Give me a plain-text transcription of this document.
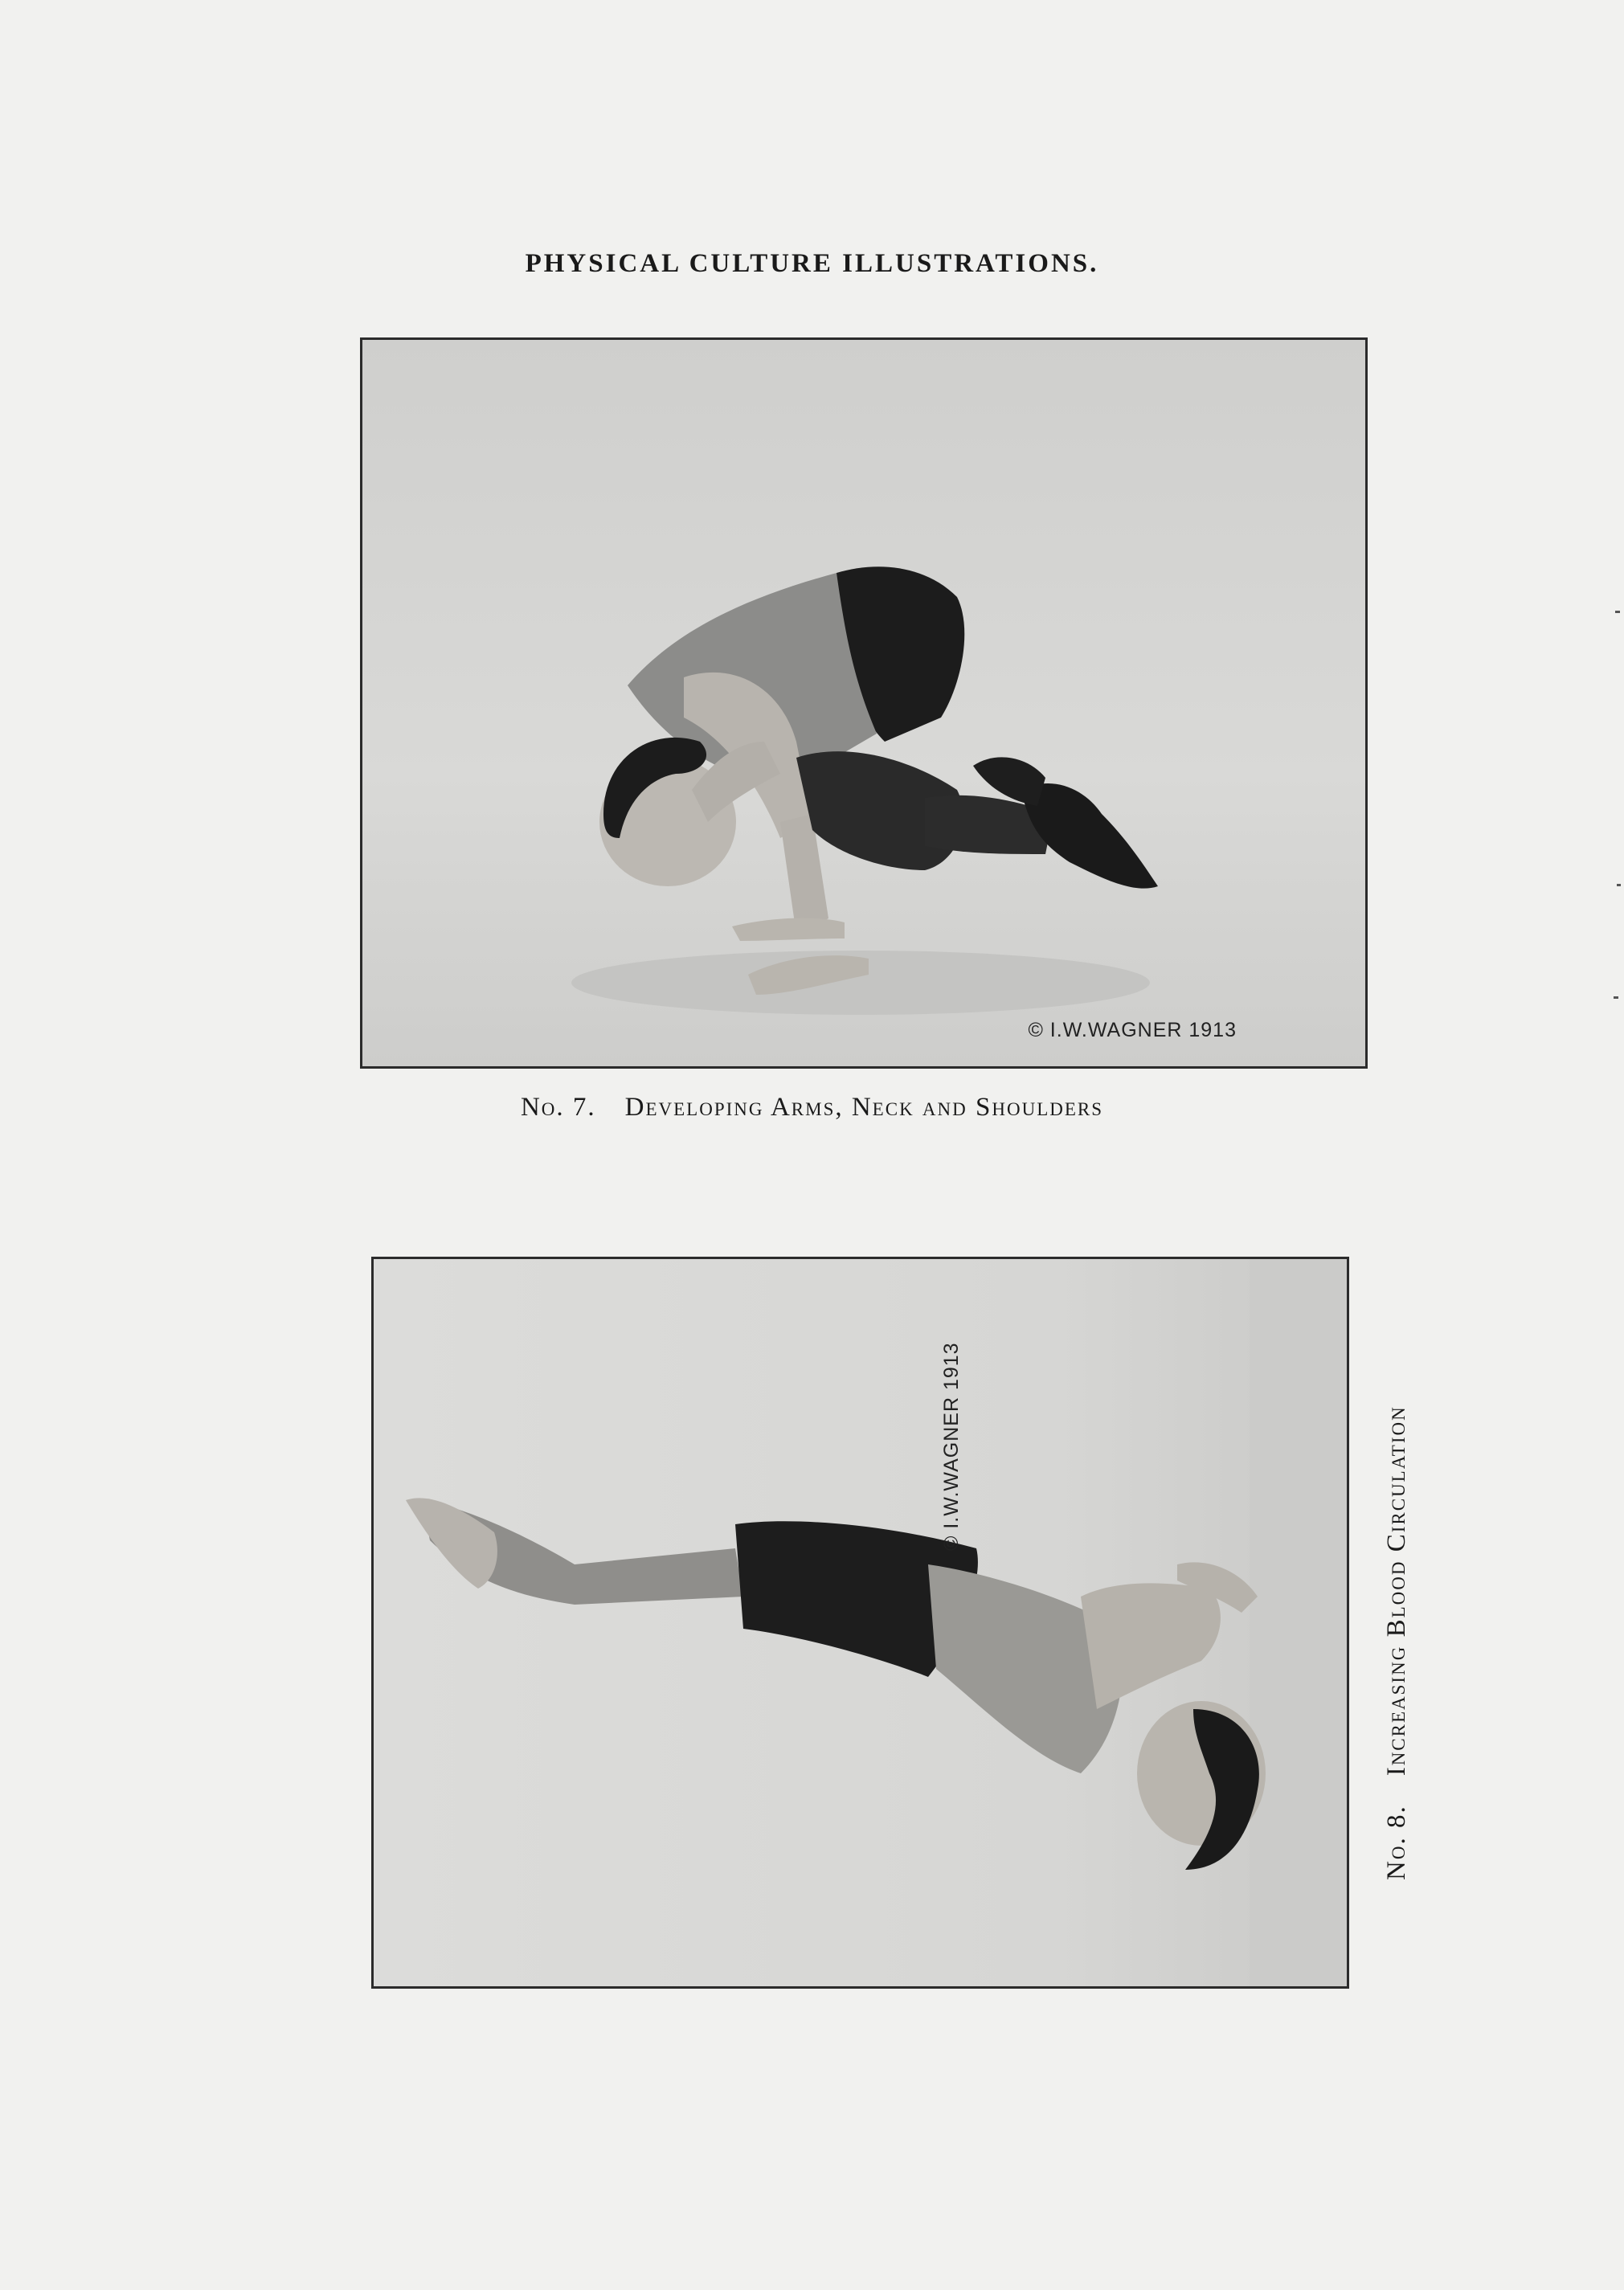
PHYSICAL CULTURE ILLUSTRATIONS.
© I.W.WAGNER 1913
No. 7. Developing Arms, Neck and Shoulders
© I.W.WAGNER 1913
No. 8.Increasing Blood Circulation
